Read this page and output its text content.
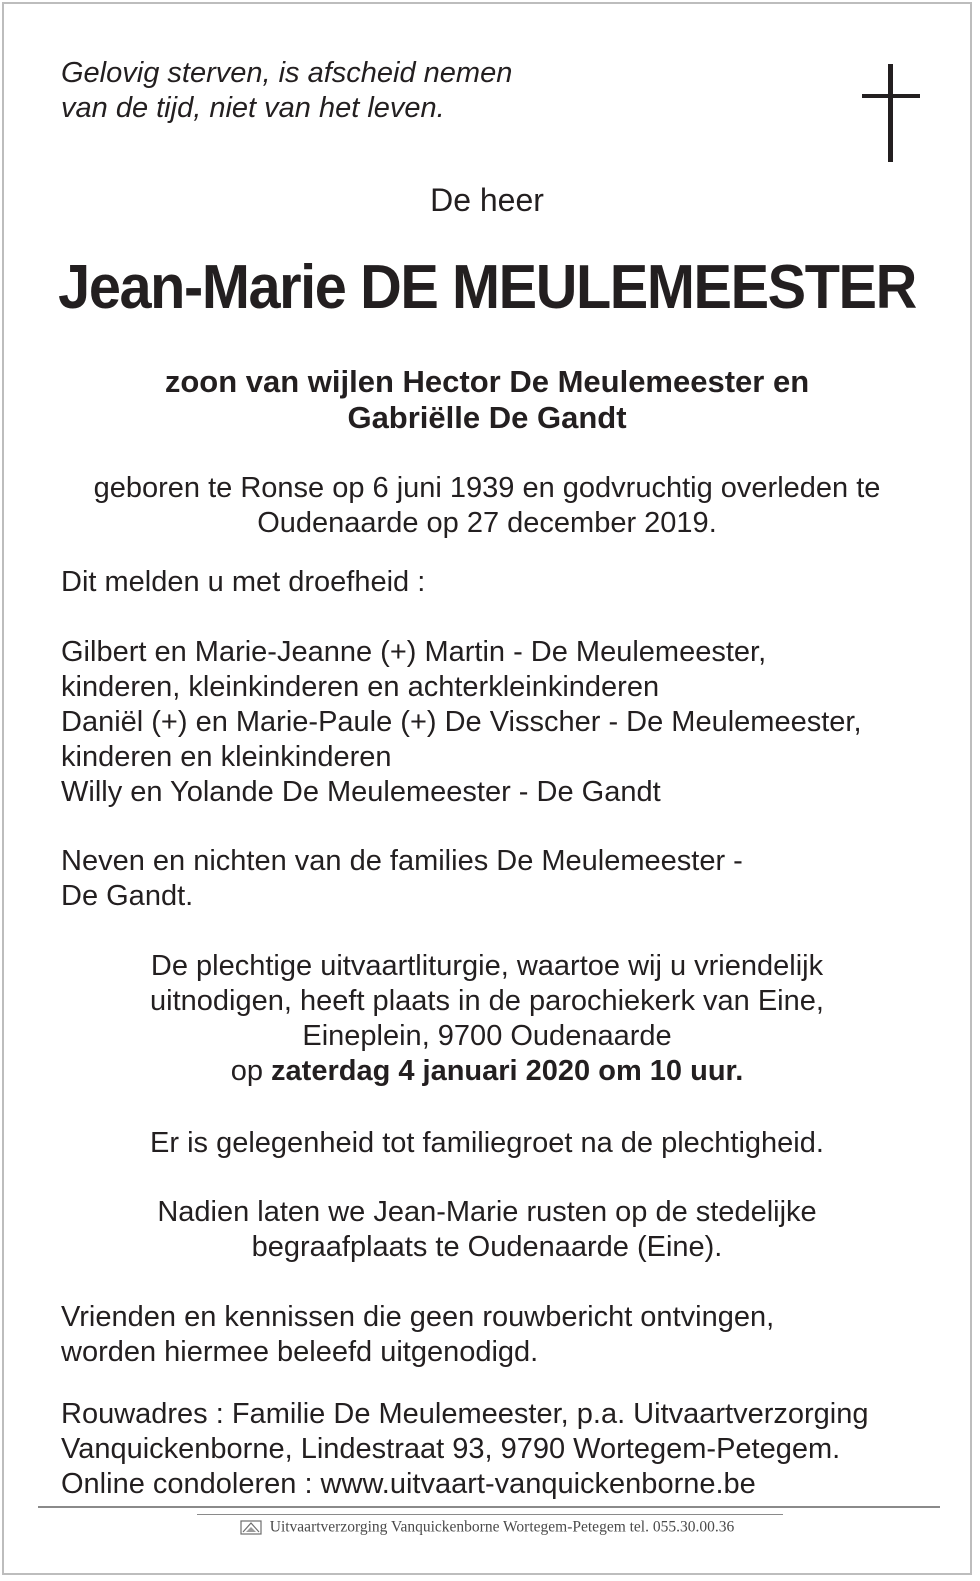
Gelovig sterven, is afscheid nemen
van de tijd, niet van het leven.
De heer
Jean-Marie DE MEULEMEESTER
zoon van wijlen Hector De Meulemeester en
Gabriëlle De Gandt
geboren te Ronse op 6 juni 1939 en godvruchtig overleden te
Oudenaarde op 27 december 2019.
Dit melden u met droefheid :
Gilbert en Marie-Jeanne (+) Martin - De Meulemeester,
kinderen, kleinkinderen en achterkleinkinderen
Daniël (+) en Marie-Paule (+) De Visscher - De Meulemeester,
kinderen en kleinkinderen
Willy en Yolande De Meulemeester - De Gandt
Neven en nichten van de families De Meulemeester -
De Gandt.
De plechtige uitvaartliturgie, waartoe wij u vriendelijk
uitnodigen, heeft plaats in de parochiekerk van Eine,
Eineplein, 9700 Oudenaarde
op zaterdag 4 januari 2020 om 10 uur.
Er is gelegenheid tot familiegroet na de plechtigheid.
Nadien laten we Jean-Marie rusten op de stedelijke
begraafplaats te Oudenaarde (Eine).
Vrienden en kennissen die geen rouwbericht ontvingen,
worden hiermee beleefd uitgenodigd.
Rouwadres : Familie De Meulemeester, p.a. Uitvaartverzorging
Vanquickenborne, Lindestraat 93, 9790 Wortegem-Petegem.
Online condoleren : www.uitvaart-vanquickenborne.be
Uitvaartverzorging Vanquickenborne Wortegem-Petegem tel. 055.30.00.36
